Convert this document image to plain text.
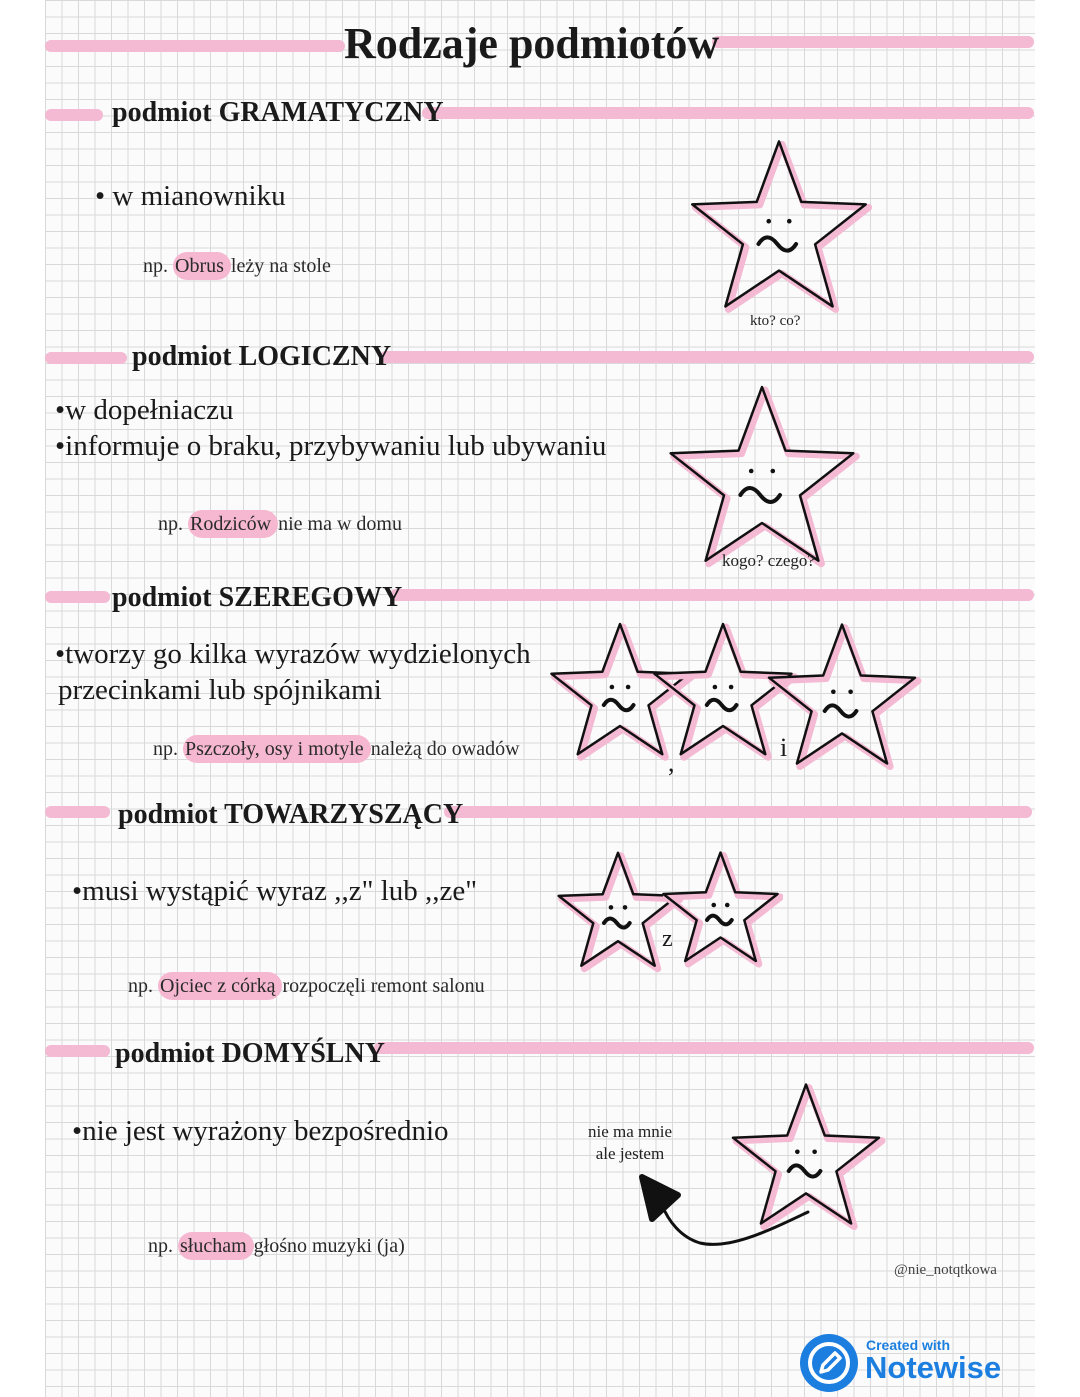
Rodzaje podmiotów
podmiot GRAMATYCZNY
• w mianowniku
np. Obrus leży na stole
kto? co?
podmiot LOGICZNY
•w dopełniaczu
•informuje o braku, przybywaniu lub ubywaniu
np. Rodziców nie ma w domu
kogo? czego?
podmiot SZEREGOWY
•tworzy go kilka wyrazów wydzielonych
przecinkami lub spójnikami
np. Pszczoły, osy i motyle należą do owadów	,
i
podmiot TOWARZYSZĄCY
•musi wystąpić wyraz ,,z" lub ,,ze"
np. Ojciec z córką rozpoczęli remont salonu
z
podmiot DOMYŚLNY
•nie jest wyrażony bezpośrednio
np. słucham głośno muzyki (ja)
nie ma mnie
ale jestem
@nie_notqtkowa
Created with
Notewise
